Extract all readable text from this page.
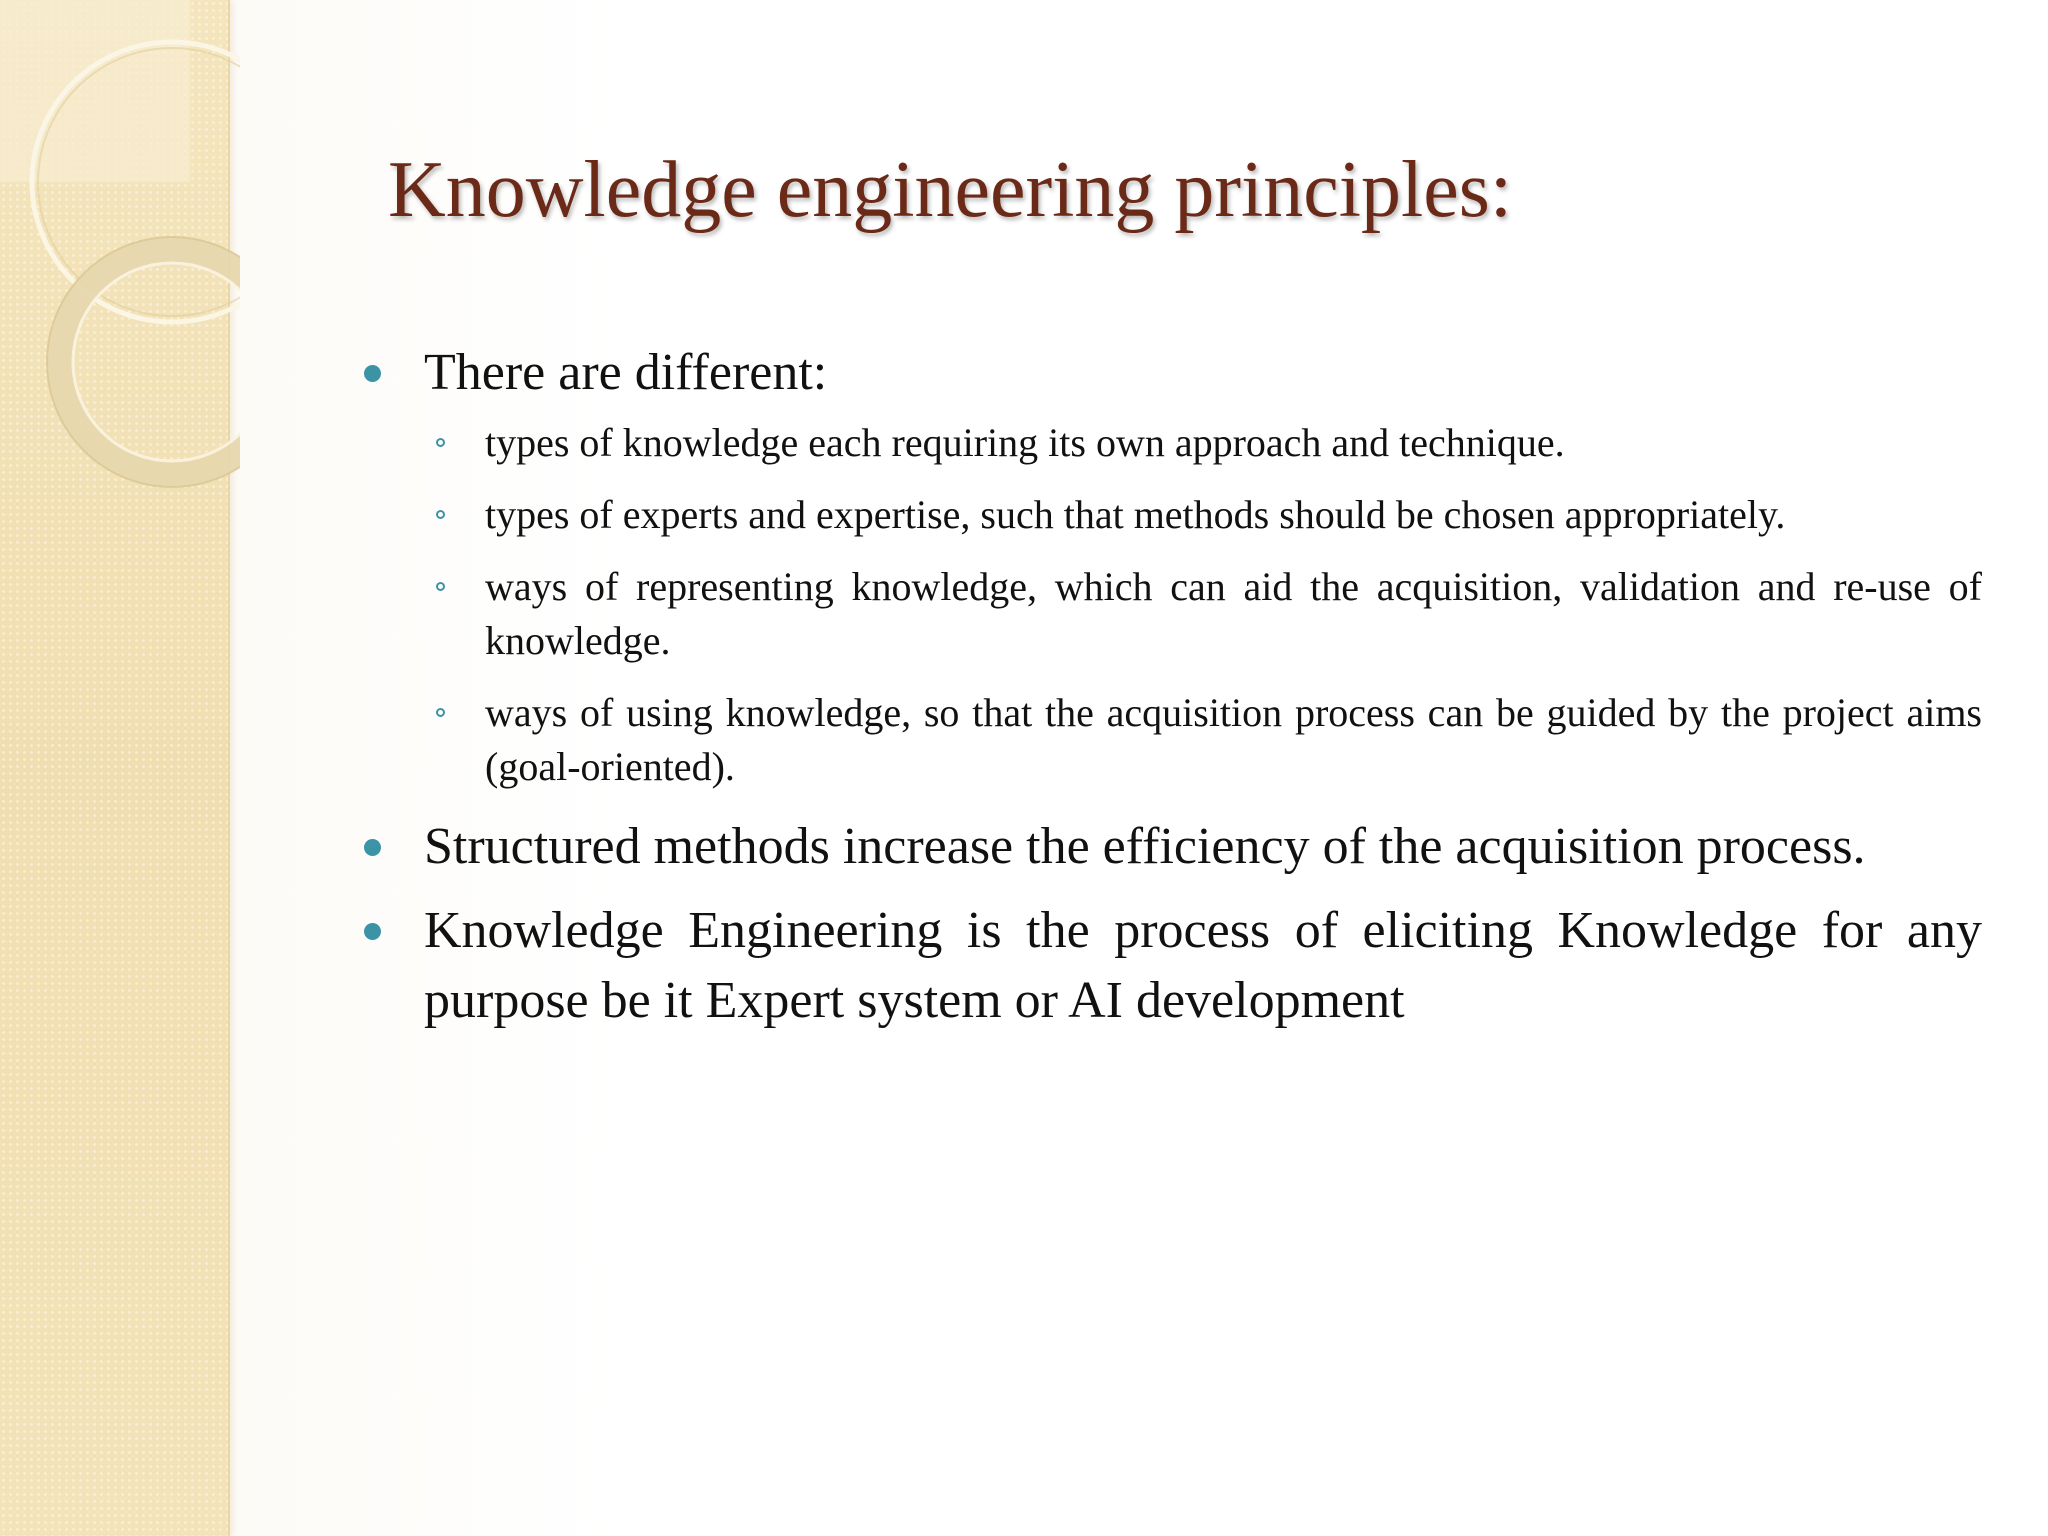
Knowledge engineering principles:
There are different:
types of knowledge each requiring its own approach and technique.
types of experts and expertise, such that methods should be chosen appropriately.
ways of representing knowledge, which can aid the acquisition, validation and re-use of knowledge.
ways of using knowledge, so that the acquisition process can be guided by the project aims (goal-oriented).
Structured methods increase the efficiency of the acquisition process.
Knowledge Engineering is the process of eliciting Knowledge for any purpose be it Expert system or AI development
